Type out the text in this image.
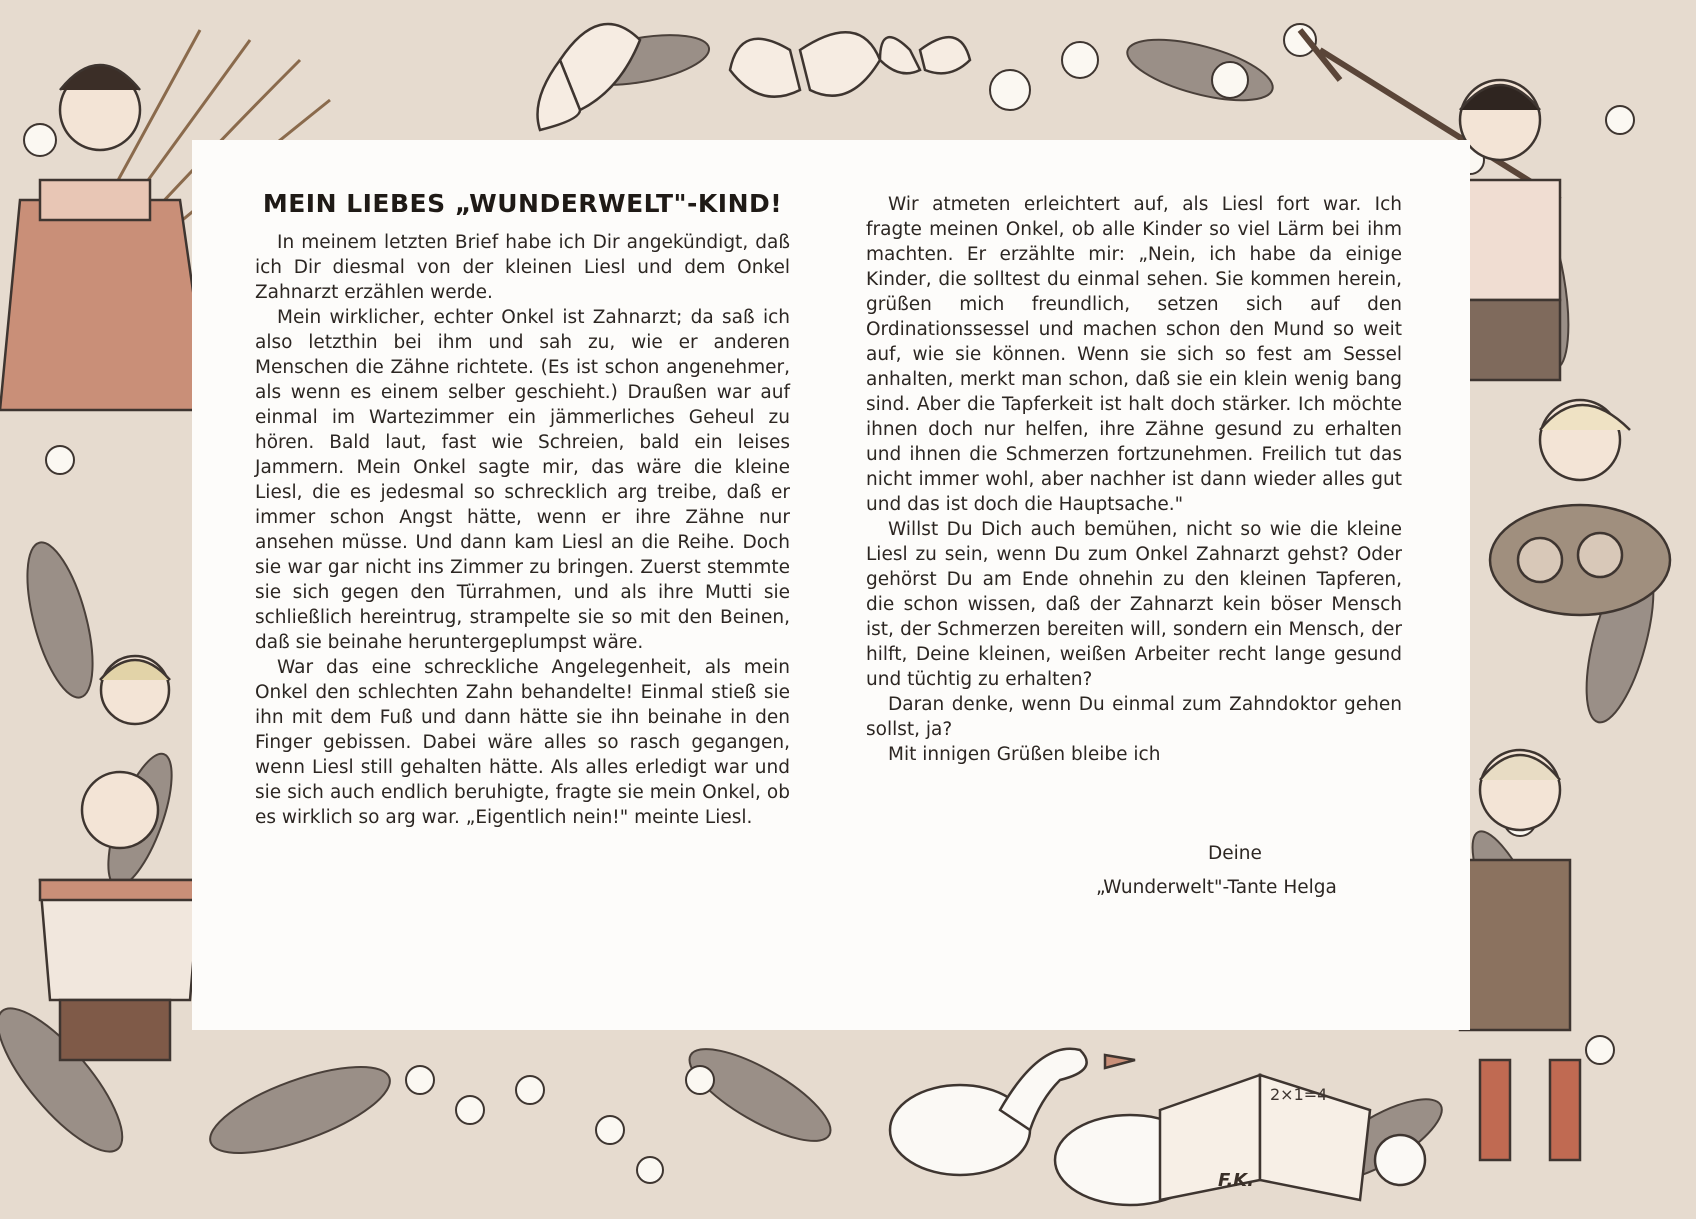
2×1=4
MEIN LIEBES „WUNDERWELT"-KIND!

In meinem letzten Brief habe ich Dir angekündigt, daß ich Dir diesmal von der kleinen Liesl und dem Onkel Zahnarzt erzählen werde.

Mein wirklicher, echter Onkel ist Zahnarzt; da saß ich also letzthin bei ihm und sah zu, wie er anderen Menschen die Zähne richtete. (Es ist schon angenehmer, als wenn es einem selber geschieht.) Draußen war auf einmal im Wartezimmer ein jämmerliches Geheul zu hören. Bald laut, fast wie Schreien, bald ein leises Jammern. Mein Onkel sagte mir, das wäre die kleine Liesl, die es jedesmal so schrecklich arg treibe, daß er immer schon Angst hätte, wenn er ihre Zähne nur ansehen müsse. Und dann kam Liesl an die Reihe. Doch sie war gar nicht ins Zimmer zu bringen. Zuerst stemmte sie sich gegen den Türrahmen, und als ihre Mutti sie schließlich hereintrug, strampelte sie so mit den Beinen, daß sie beinahe heruntergeplumpst wäre.

War das eine schreckliche Angelegenheit, als mein Onkel den schlechten Zahn behandelte! Einmal stieß sie ihn mit dem Fuß und dann hätte sie ihn beinahe in den Finger gebissen. Dabei wäre alles so rasch gegangen, wenn Liesl still gehalten hätte. Als alles erledigt war und sie sich auch endlich beruhigte, fragte sie mein Onkel, ob es wirklich so arg war. „Eigentlich nein!" meinte Liesl.

Wir atmeten erleichtert auf, als Liesl fort war. Ich fragte meinen Onkel, ob alle Kinder so viel Lärm bei ihm machten. Er erzählte mir: „Nein, ich habe da einige Kinder, die solltest du einmal sehen. Sie kommen herein, grüßen mich freundlich, setzen sich auf den Ordinationssessel und machen schon den Mund so weit auf, wie sie können. Wenn sie sich so fest am Sessel anhalten, merkt man schon, daß sie ein klein wenig bang sind. Aber die Tapferkeit ist halt doch stärker. Ich möchte ihnen doch nur helfen, ihre Zähne gesund zu erhalten und ihnen die Schmerzen fortzunehmen. Freilich tut das nicht immer wohl, aber nachher ist dann wieder alles gut und das ist doch die Hauptsache."

Willst Du Dich auch bemühen, nicht so wie die kleine Liesl zu sein, wenn Du zum Onkel Zahnarzt gehst? Oder gehörst Du am Ende ohnehin zu den kleinen Tapferen, die schon wissen, daß der Zahnarzt kein böser Mensch ist, der Schmerzen bereiten will, sondern ein Mensch, der hilft, Deine kleinen, weißen Arbeiter recht lange gesund und tüchtig zu erhalten?

Daran denke, wenn Du einmal zum Zahndoktor gehen sollst, ja?

Mit innigen Grüßen bleibe ich

Deine
„Wunderwelt"-Tante Helga
F.K.
